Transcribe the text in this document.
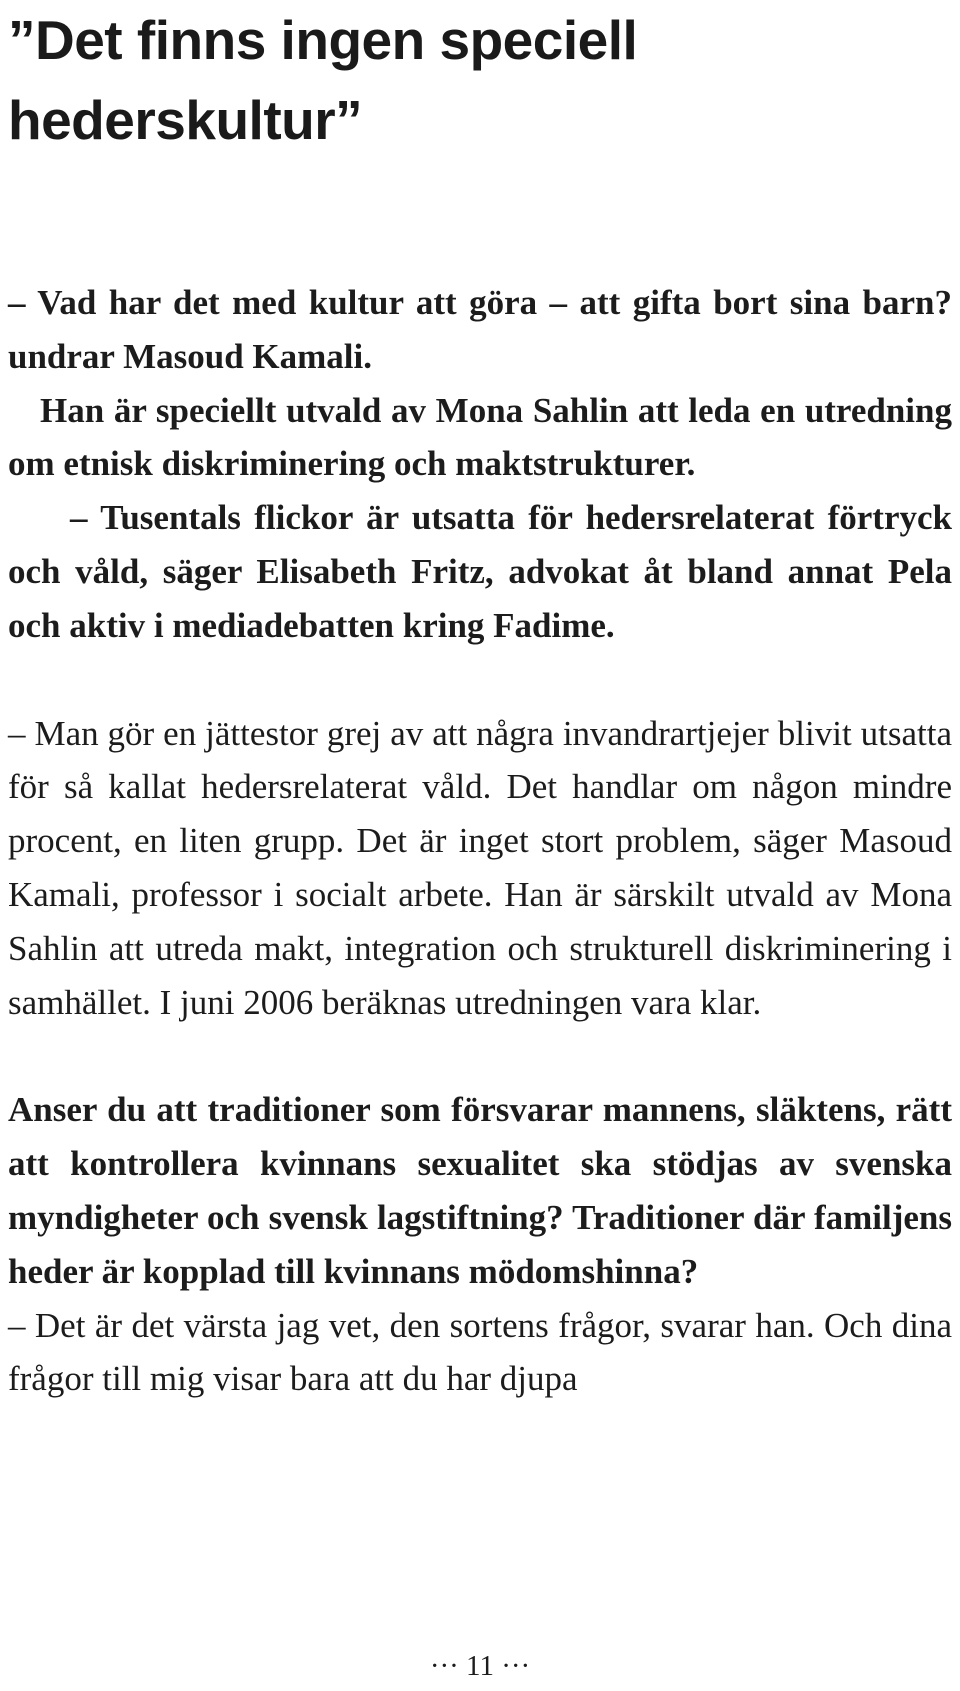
”Det finns ingen speciell
hederskultur”

– Vad har det med kultur att göra – att gifta bort sina barn? undrar Masoud Kamali.

Han är speciellt utvald av Mona Sahlin att leda en utredning om etnisk diskriminering och maktstrukturer.

– Tusentals flickor är utsatta för hedersrelaterat förtryck och våld, säger Elisabeth Fritz, advokat åt bland annat Pela och aktiv i mediadebatten kring Fadime.

– Man gör en jättestor grej av att några invandrartjejer blivit utsatta för så kallat hedersrelaterat våld. Det handlar om någon mindre procent, en liten grupp. Det är inget stort problem, säger Masoud Kamali, professor i socialt arbete. Han är särskilt utvald av Mona Sahlin att utreda makt, integration och strukturell diskriminering i samhället. I juni 2006 beräknas utredningen vara klar.

Anser du att traditioner som försvarar mannens, släktens, rätt att kontrollera kvinnans sexualitet ska stödjas av svenska myndigheter och svensk lagstiftning? Traditioner där familjens heder är kopplad till kvinnans mödomshinna?

– Det är det värsta jag vet, den sortens frågor, svarar han. Och dina frågor till mig visar bara att du har djupa

··· 11 ···
